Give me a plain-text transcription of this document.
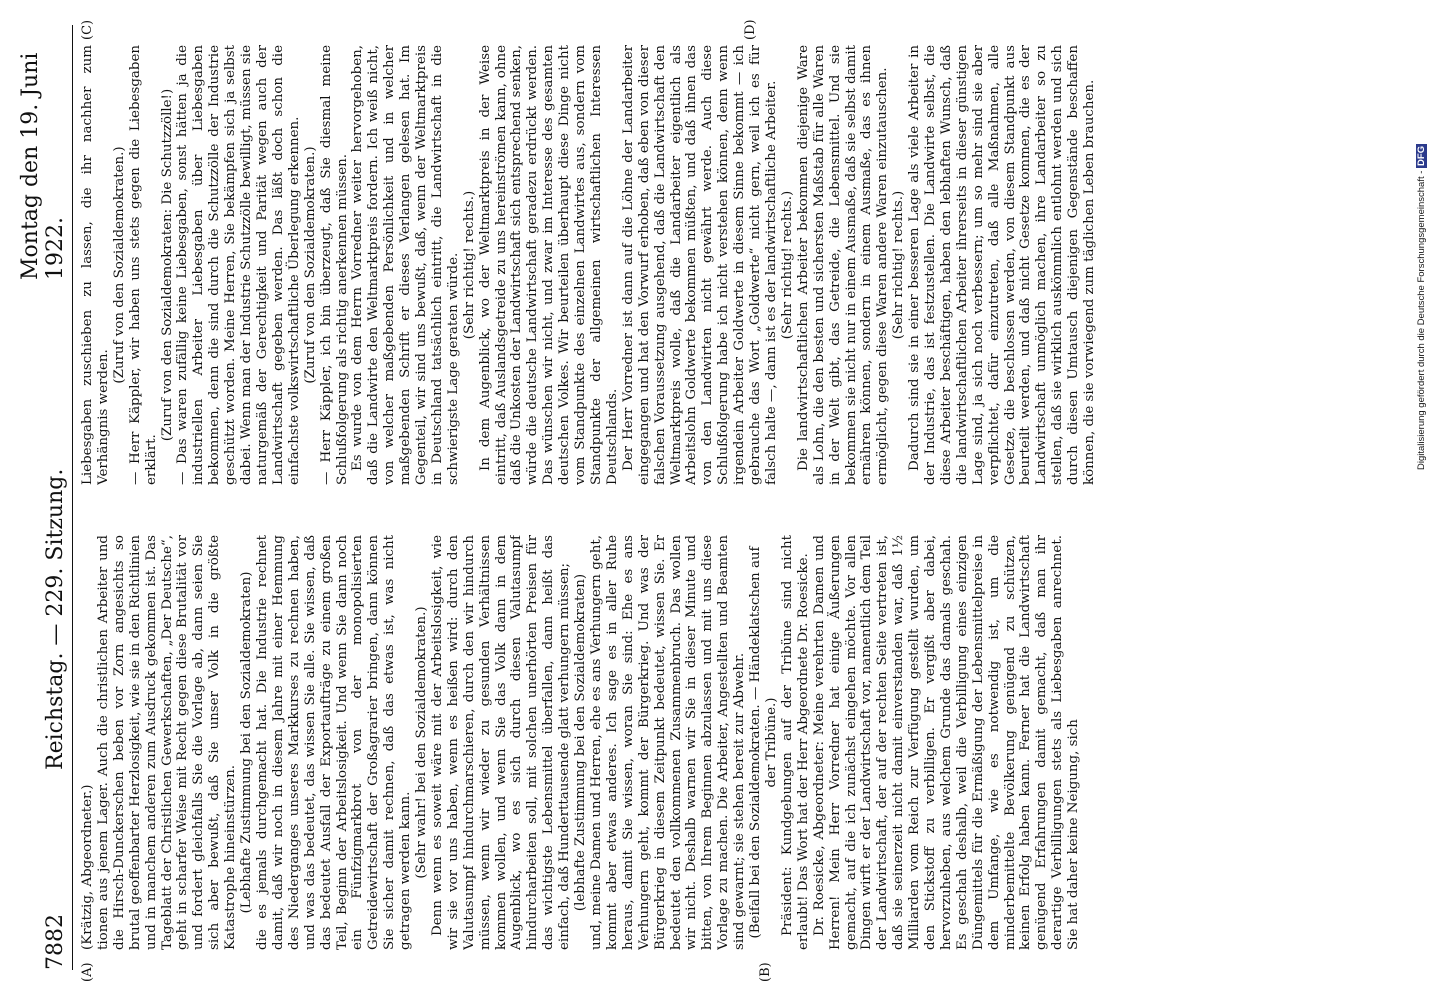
7882
Reichstag. — 229. Sitzung.
Montag den 19. Juni 1922.
(A)	(B)
(C)	(D)

(Krätzig, Abgeordneter.) tionen aus jenem Lager. Auch die christlichen Arbeiter und die Hirsch-Dunckerschen beben vor Zorn angesichts so brutal geoffenbarter Herzlosigkeit, wie sie in den Richtlinien und in manchem anderen zum Ausdruck gekommen ist. Das Tageblatt der Christlichen Gewerkschaften, „Der Deutsche“, geht in scharfer Weise mit Recht gegen diese Brutalität vor und fordert gleichfalls Sie die Vorlage ab, dann seien Sie sich aber bewußt, daß Sie unser Volk in die größte Katastrophe hineinstürzen. (Lebhafte Zustimmung bei den Sozialdemokraten) die es jemals durchgemacht hat. Die Industrie rechnet damit, daß wir noch in diesem Jahre mit einer Hemmung des Niederganges unseres Markkurses zu rechnen haben, und was das bedeutet, das wissen Sie alle. Sie wissen, daß das bedeutet Ausfall der Exportaufträge zu einem großen Teil, Beginn der Arbeitslosigkeit. Und wenn Sie dann noch ein Fünfzigmarkbrot von der monopolisierten Getreidewirtschaft der Großagrarier bringen, dann können Sie sicher damit rechnen, daß das etwas ist, was nicht getragen werden kann. (Sehr wahr! bei den Sozialdemokraten.) Denn wenn es soweit wäre mit der Arbeitslosigkeit, wie wir sie vor uns haben, wenn es heißen wird: durch den Valutasumpf hindurchmarschieren, durch den wir hindurch müssen, wenn wir wieder zu gesunden Verhältnissen kommen wollen, und wenn Sie das Volk dann in dem Augenblick, wo es sich durch diesen Valutasumpf hindurcharbeiten soll, mit solchen unerhörten Preisen für das wichtigste Lebensmittel überfallen, dann heißt das einfach, daß Hunderttausende glatt verhungern müssen; (lebhafte Zustimmung bei den Sozialdemokraten) und, meine Damen und Herren, ehe es ans Verhungern geht, kommt aber etwas anderes. Ich sage es in aller Ruhe heraus, damit Sie wissen, woran Sie sind: Ehe es ans Verhungern geht, kommt der Bürgerkrieg. Und was der Bürgerkrieg in diesem Zeitpunkt bedeutet, wissen Sie. Er bedeutet den vollkommenen Zusammenbruch. Das wollen wir nicht. Deshalb warnen wir Sie in dieser Minute und bitten, von Ihrem Beginnen abzulassen und mit uns diese Vorlage zu machen. Die Arbeiter, Angestellten und Beamten sind gewarnt; sie stehen bereit zur Abwehr. (Beifall bei den Sozialdemokraten. — Händeklatschen auf der Tribüne.) Präsident: Kundgebungen auf der Tribüne sind nicht erlaubt! Das Wort hat der Herr Abgeordnete Dr. Roesicke. Dr. Roesicke, Abgeordneter: Meine verehrten Damen und Herren! Mein Herr Vorredner hat einige Äußerungen gemacht, auf die ich zunächst eingehen möchte. Vor allen Dingen wirft er der Landwirtschaft vor, namentlich dem Teil der Landwirtschaft, der auf der rechten Seite vertreten ist, daß sie seinerzeit nicht damit einverstanden war, daß 1½ Milliarden vom Reich zur Verfügung gestellt wurden, um den Stickstoff zu verbilligen. Er vergißt aber dabei, hervorzuheben, aus welchem Grunde das damals geschah. Es geschah deshalb, weil die Verbilligung eines einzigen Düngemittels für die Ermäßigung der Lebensmittelpreise in dem Umfange, wie es notwendig ist, um die minderbemittelte Bevölkerung genügend zu schützen, keinen Erfolg haben kann. Ferner hat die Landwirtschaft genügend Erfahrungen damit gemacht, daß man ihr derartige Verbilligungen stets als Liebesgaben anrechnet. Sie hat daher keine Neigung, sich

Liebesgaben zuschieben zu lassen, die ihr nachher zum Verhängnis werden.

(Zuruf von den Sozialdemokraten.) — Herr Käppler, wir haben uns stets gegen die Liebesgaben erklärt.

(Zuruf von den Sozialdemokraten: Die Schutzzölle!) — Das waren zufällig keine Liebesgaben, sonst hätten ja die industriellen Arbeiter Liebesgaben über Liebesgaben bekommen, denn die sind durch die Schutzzölle der Industrie geschützt worden. Meine Herren, Sie bekämpfen sich ja selbst dabei. Wenn man der Industrie Schutzzölle bewilligt, müssen sie naturgemäß der Gerechtigkeit und Parität wegen auch der Landwirtschaft gegeben werden. Das läßt doch schon die einfachste volkswirtschaftliche Überlegung erkennen. (Zuruf von den Sozialdemokraten.) — Herr Käppler, ich bin überzeugt, daß Sie diesmal meine Schlußfolgerung als richtig anerkennen müssen. Es wurde von dem Herrn Vorredner weiter hervorgehoben, daß die Landwirte den Weltmarktpreis fordern. Ich weiß nicht, von welcher maßgebenden Persönlichkeit und in welcher maßgebenden Schrift er dieses Verlangen gelesen hat. Im Gegenteil, wir sind uns bewußt, daß, wenn der Weltmarktpreis in Deutschland tatsächlich eintritt, die Landwirtschaft in die schwierigste Lage geraten würde. (Sehr richtig! rechts.) In dem Augenblick, wo der Weltmarktpreis in der Weise eintritt, daß Auslandsgetreide zu uns hereinströmen kann, ohne daß die Unkosten der Landwirtschaft sich entsprechend senken, würde die deutsche Landwirtschaft geradezu erdrückt werden. Das wünschen wir nicht, und zwar im Interesse des gesamten deutschen Volkes. Wir beurteilen überhaupt diese Dinge nicht vom Standpunkte des einzelnen Landwirtes aus, sondern vom Standpunkte der allgemeinen wirtschaftlichen Interessen Deutschlands. Der Herr Vorredner ist dann auf die Löhne der Landarbeiter eingegangen und hat den Vorwurf erhoben, daß eben von dieser falschen Voraussetzung ausgehend, daß die Landwirtschaft den Weltmarktpreis wolle, daß die Landarbeiter eigentlich als Arbeitslohn Goldwerte bekommen müßten, und daß ihnen das von den Landwirten nicht gewährt werde. Auch diese Schlußfolgerung habe ich nicht verstehen können, denn wenn irgendein Arbeiter Goldwerte in diesem Sinne bekommt — ich gebrauche das Wort „Goldwerte“ nicht gern, weil ich es für falsch halte —, dann ist es der landwirtschaftliche Arbeiter. (Sehr richtig! rechts.) Die landwirtschaftlichen Arbeiter bekommen diejenige Ware als Lohn, die den besten und sichersten Maßstab für alle Waren in der Welt gibt, das Getreide, die Lebensmittel. Und sie bekommen sie nicht nur in einem Ausmaße, daß sie selbst damit ernähren können, sondern in einem Ausmaße, das es ihnen ermöglicht, gegen diese Waren andere Waren einzutauschen. (Sehr richtig! rechts.) Dadurch sind sie in einer besseren Lage als viele Arbeiter in der Industrie, das ist festzustellen. Die Landwirte selbst, die diese Arbeiter beschäftigen, haben den lebhaften Wunsch, daß die landwirtschaftlichen Arbeiter ihrerseits in dieser günstigen Lage sind, ja sich noch verbessern; um so mehr sind sie aber verpflichtet, dafür einzutreten, daß alle Maßnahmen, alle Gesetze, die beschlossen werden, von diesem Standpunkt aus beurteilt werden, und daß nicht Gesetze kommen, die es der Landwirtschaft unmöglich machen, ihre Landarbeiter so zu stellen, daß sie wirklich auskömmlich entlohnt werden und sich durch diesen Umtausch diejenigen Gegenstände beschaffen können, die sie vorwiegend zum täglichen Leben brauchen.	Digitalisierung gefördert durch die Deutsche Forschungsgemeinschaft - DFG
